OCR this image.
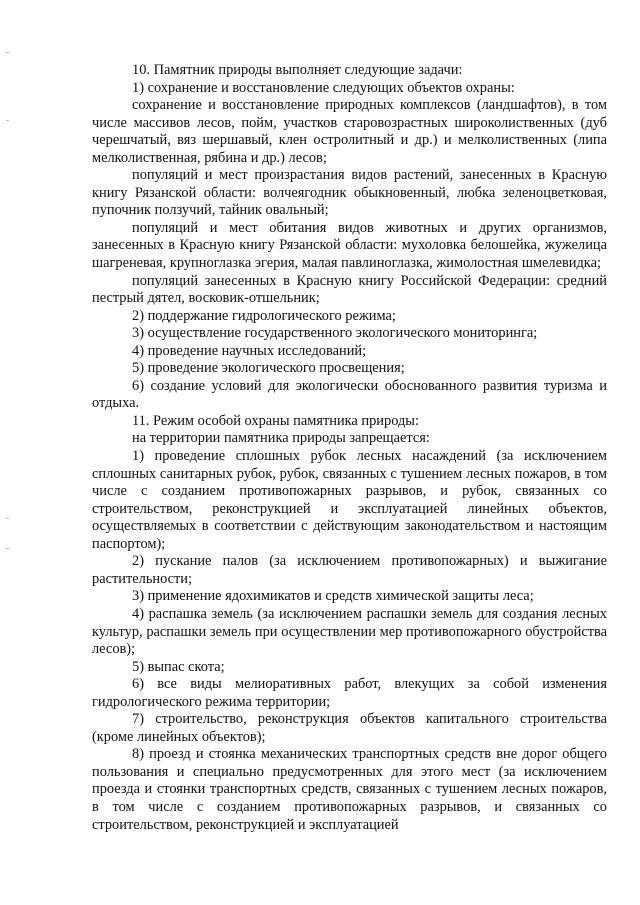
10. Памятник природы выполняет следующие задачи:

1) сохранение и восстановление следующих объектов охраны:

сохранение и восстановление природных комплексов (ландшафтов), в том числе массивов лесов, пойм, участков старовозрастных широколиственных (дуб черешчатый, вяз шершавый, клен остролитный и др.) и мелколиственных (липа мелколиственная, рябина и др.) лесов;

популяций и мест произрастания видов растений, занесенных в Красную книгу Рязанской области: волчеягодник обыкновенный, любка зеленоцветковая, пупочник ползучий, тайник овальный;

популяций и мест обитания видов животных и других организмов, занесенных в Красную книгу Рязанской области: мухоловка белошейка, жужелица шагреневая, крупноглазка эгерия, малая павлиноглазка, жимолостная шмелевидка;

популяций занесенных в Красную книгу Российской Федерации: средний пестрый дятел, восковик-отшельник;

2) поддержание гидрологического режима;

3) осуществление государственного экологического мониторинга;

4) проведение научных исследований;

5) проведение экологического просвещения;

6) создание условий для экологически обоснованного развития туризма и отдыха.

11. Режим особой охраны памятника природы:

на территории памятника природы запрещается:

1) проведение сплошных рубок лесных насаждений (за исключением сплошных санитарных рубок, рубок, связанных с тушением лесных пожаров, в том числе с созданием противопожарных разрывов, и рубок, связанных со строительством, реконструкцией и эксплуатацией линейных объектов, осуществляемых в соответствии с действующим законодательством и настоящим паспортом);

2) пускание палов (за исключением противопожарных) и выжигание растительности;

3) применение ядохимикатов и средств химической защиты леса;

4) распашка земель (за исключением распашки земель для создания лесных культур, распашки земель при осуществлении мер противопожарного обустройства лесов);

5) выпас скота;

6) все виды мелиоративных работ, влекущих за собой изменения гидрологического режима территории;

7) строительство, реконструкция объектов капитального строительства (кроме линейных объектов);

8) проезд и стоянка механических транспортных средств вне дорог общего пользования и специально предусмотренных для этого мест (за исключением проезда и стоянки транспортных средств, связанных с тушением лесных пожаров, в том числе с созданием противопожарных разрывов, и связанных со строительством, реконструкцией и эксплуатацией
